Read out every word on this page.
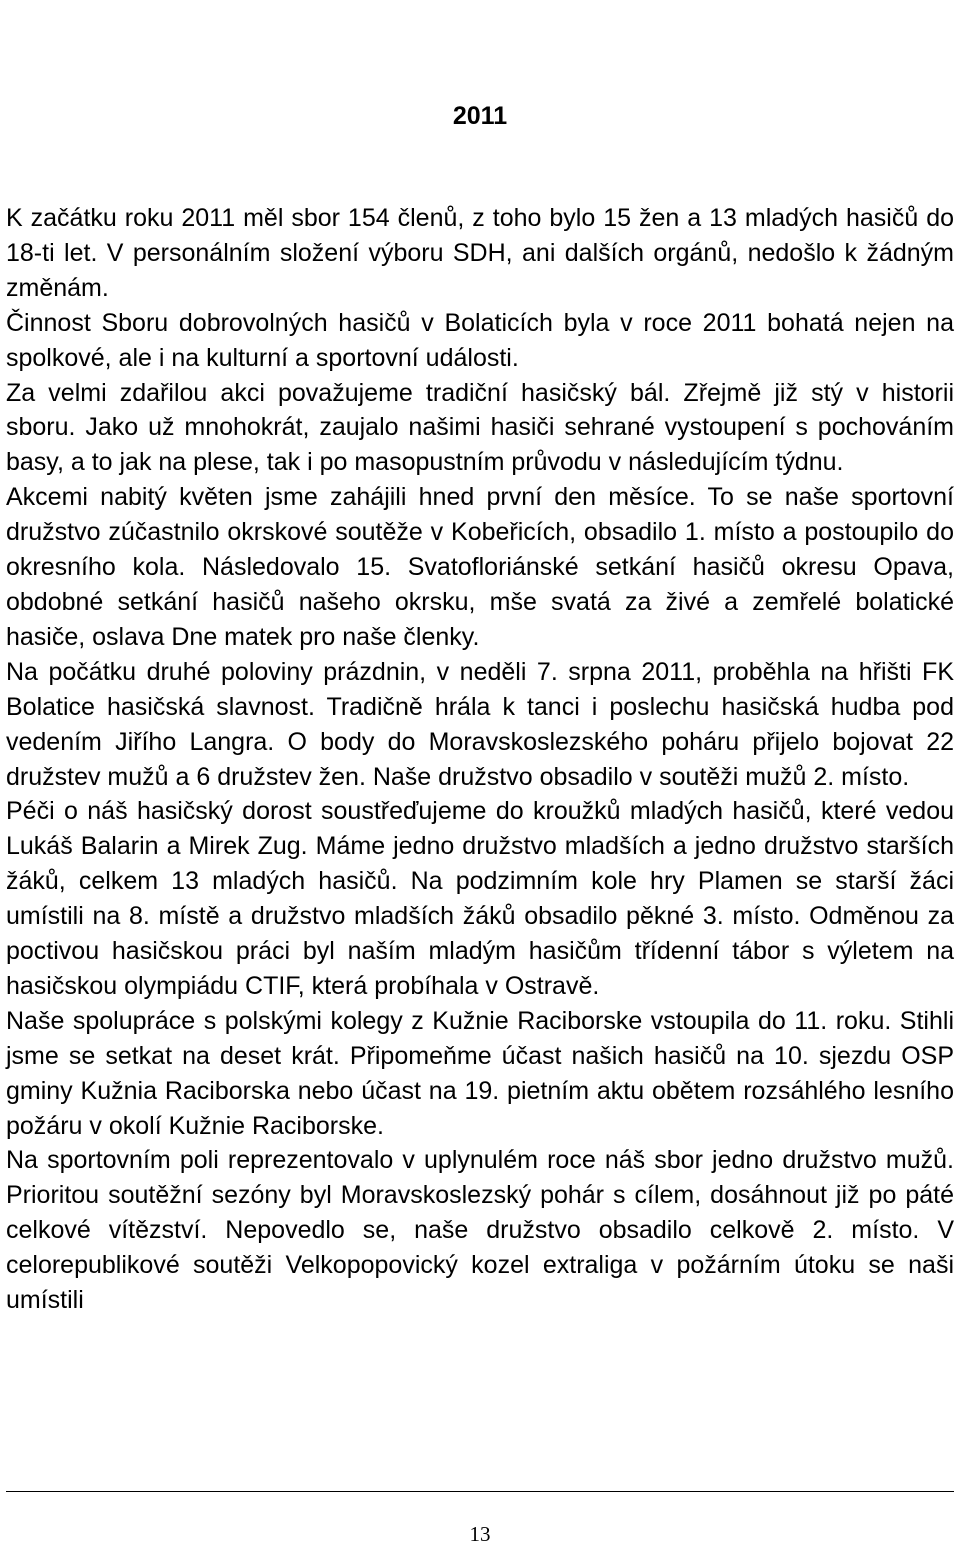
2011

K začátku roku 2011 měl sbor 154 členů, z toho bylo 15 žen a 13 mladých hasičů do 18-ti let. V personálním složení výboru SDH, ani dalších orgánů, nedošlo k žádným změnám.

Činnost Sboru dobrovolných hasičů v Bolaticích byla v roce 2011 bohatá nejen na spolkové, ale i na kulturní a sportovní události.

Za velmi zdařilou akci považujeme tradiční hasičský bál. Zřejmě již stý v historii sboru. Jako už mnohokrát, zaujalo našimi hasiči sehrané vystoupení s pochováním basy, a to jak na plese, tak i po masopustním průvodu v následujícím týdnu.

Akcemi nabitý květen jsme zahájili hned první den měsíce. To se naše sportovní družstvo zúčastnilo okrskové soutěže v Kobeřicích, obsadilo 1. místo a postoupilo do okresního kola. Následovalo 15. Svatofloriánské setkání hasičů okresu Opava, obdobné setkání hasičů našeho okrsku, mše svatá za živé a zemřelé bolatické hasiče, oslava Dne matek pro naše členky.

Na počátku druhé poloviny prázdnin, v neděli 7. srpna 2011, proběhla na hřišti FK Bolatice hasičská slavnost. Tradičně hrála k tanci i poslechu hasičská hudba pod vedením Jiřího Langra. O body do Moravskoslezského poháru přijelo bojovat 22 družstev mužů a 6 družstev žen. Naše družstvo obsadilo v soutěži mužů 2. místo.

Péči o náš hasičský dorost soustřeďujeme do kroužků mladých hasičů, které vedou Lukáš Balarin a Mirek Zug. Máme jedno družstvo mladších a jedno družstvo starších žáků, celkem 13 mladých hasičů. Na podzimním kole hry Plamen se starší žáci umístili na 8. místě a družstvo mladších žáků obsadilo pěkné 3. místo. Odměnou za poctivou hasičskou práci byl naším mladým hasičům třídenní tábor s výletem na hasičskou olympiádu CTIF, která probíhala v Ostravě.

Naše spolupráce s polskými kolegy z Kužnie Raciborske vstoupila do 11. roku. Stihli jsme se setkat na deset krát. Připomeňme účast našich hasičů na 10. sjezdu OSP gminy Kužnia Raciborska nebo účast na 19. pietním aktu obětem rozsáhlého lesního požáru v okolí Kužnie Raciborske.

Na sportovním poli reprezentovalo v uplynulém roce náš sbor jedno družstvo mužů. Prioritou soutěžní sezóny byl Moravskoslezský pohár s cílem, dosáhnout již po páté celkové vítězství. Nepovedlo se, naše družstvo obsadilo celkově 2. místo. V celorepublikové soutěži Velkopopovický kozel extraliga v požárním útoku se naši umístili

13
